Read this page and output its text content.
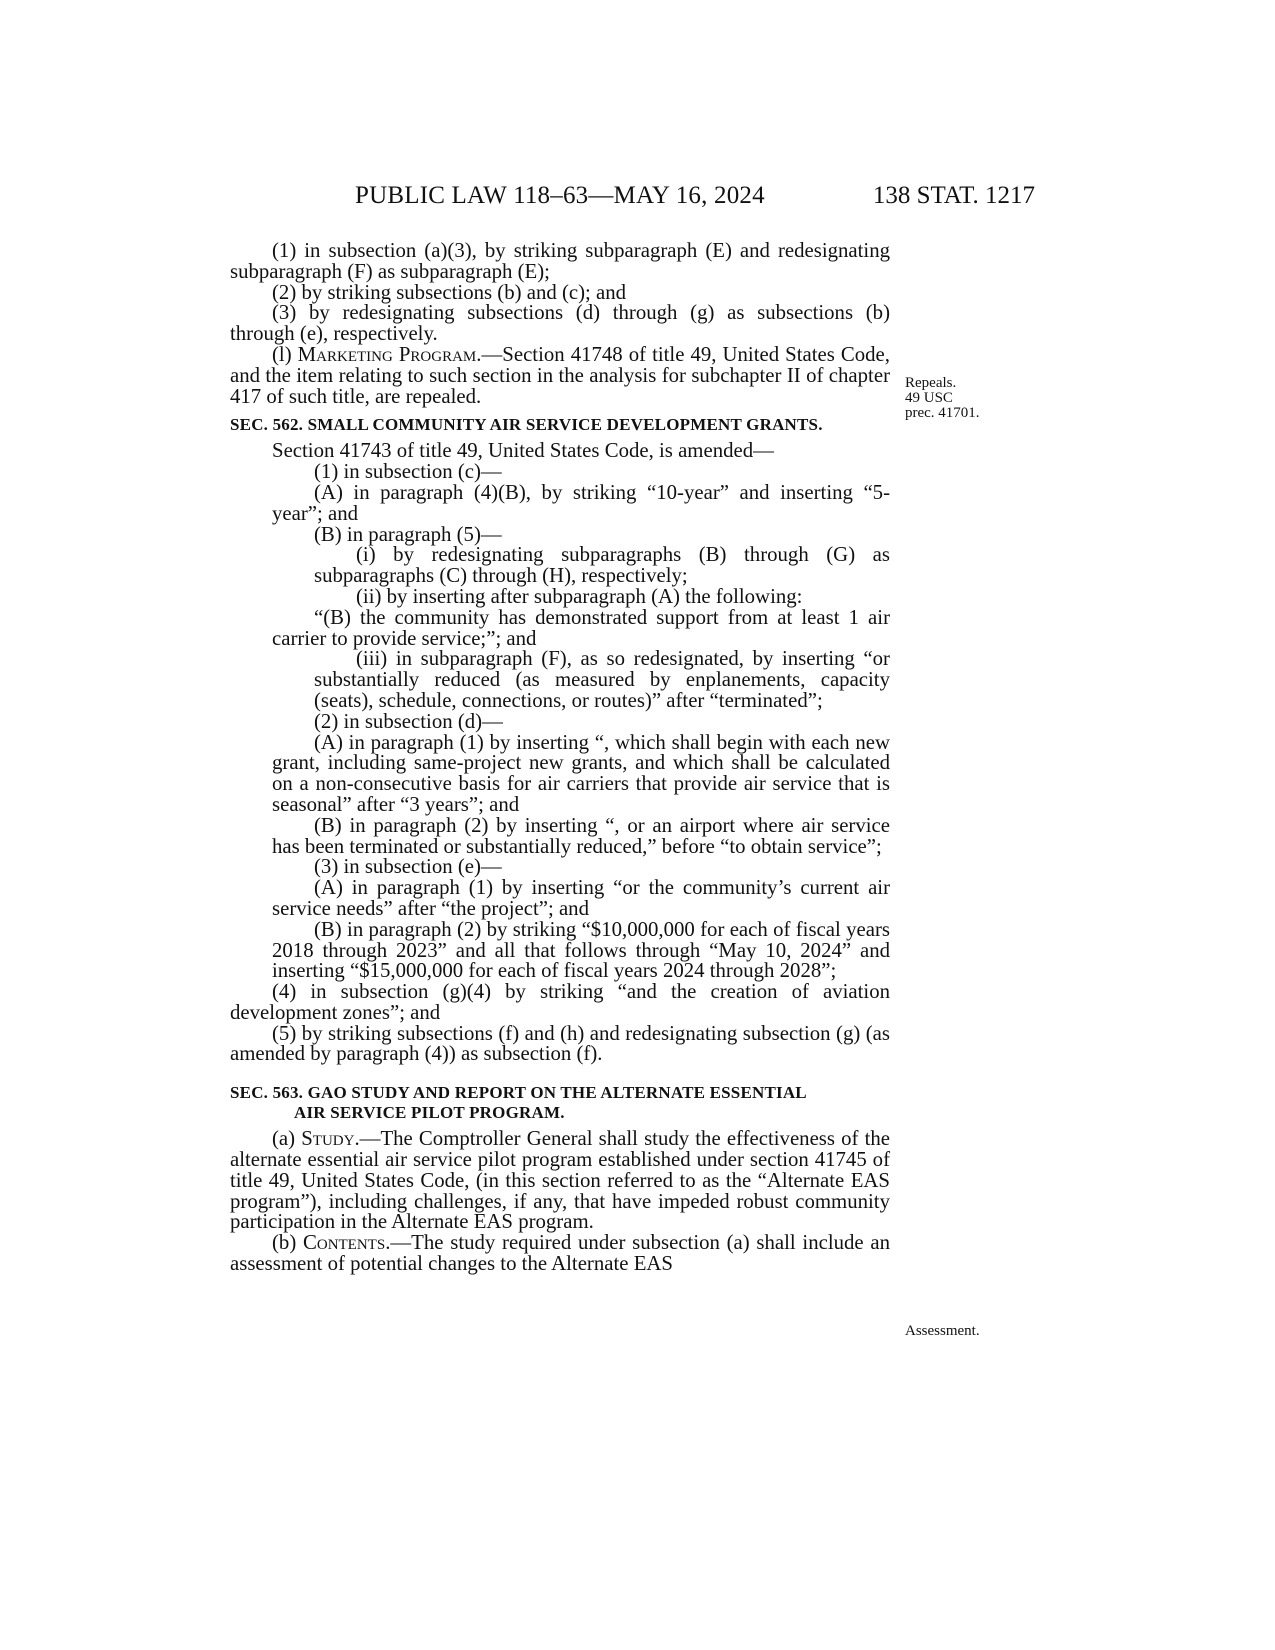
PUBLIC LAW 118–63—MAY 16, 2024	138 STAT. 1217
Repeals.
49 USC
prec. 41701.
Assessment.

(1) in subsection (a)(3), by striking subparagraph (E) and redesignating subparagraph (F) as subparagraph (E);

(2) by striking subsections (b) and (c); and

(3) by redesignating subsections (d) through (g) as subsections (b) through (e), respectively.

(l) Marketing Program.—Section 41748 of title 49, United States Code, and the item relating to such section in the analysis for subchapter II of chapter 417 of such title, are repealed.

SEC. 562. SMALL COMMUNITY AIR SERVICE DEVELOPMENT GRANTS.

Section 41743 of title 49, United States Code, is amended—

(1) in subsection (c)—

(A) in paragraph (4)(B), by striking “10-year” and inserting “5-year”; and

(B) in paragraph (5)—

(i) by redesignating subparagraphs (B) through (G) as subparagraphs (C) through (H), respectively;

(ii) by inserting after subparagraph (A) the following:

“(B) the community has demonstrated support from at least 1 air carrier to provide service;”; and

(iii) in subparagraph (F), as so redesignated, by inserting “or substantially reduced (as measured by enplanements, capacity (seats), schedule, connections, or routes)” after “terminated”;

(2) in subsection (d)—

(A) in paragraph (1) by inserting “, which shall begin with each new grant, including same-project new grants, and which shall be calculated on a non-consecutive basis for air carriers that provide air service that is seasonal” after “3 years”; and

(B) in paragraph (2) by inserting “, or an airport where air service has been terminated or substantially reduced,” before “to obtain service”;

(3) in subsection (e)—

(A) in paragraph (1) by inserting “or the community’s current air service needs” after “the project”; and

(B) in paragraph (2) by striking “$10,000,000 for each of fiscal years 2018 through 2023” and all that follows through “May 10, 2024” and inserting “$15,000,000 for each of fiscal years 2024 through 2028”;

(4) in subsection (g)(4) by striking “and the creation of aviation development zones”; and

(5) by striking subsections (f) and (h) and redesignating subsection (g) (as amended by paragraph (4)) as subsection (f).

SEC. 563. GAO STUDY AND REPORT ON THE ALTERNATE ESSENTIAL
AIR SERVICE PILOT PROGRAM.

(a) Study.—The Comptroller General shall study the effectiveness of the alternate essential air service pilot program established under section 41745 of title 49, United States Code, (in this section referred to as the “Alternate EAS program”), including challenges, if any, that have impeded robust community participation in the Alternate EAS program.

(b) Contents.—The study required under subsection (a) shall include an assessment of potential changes to the Alternate EAS
